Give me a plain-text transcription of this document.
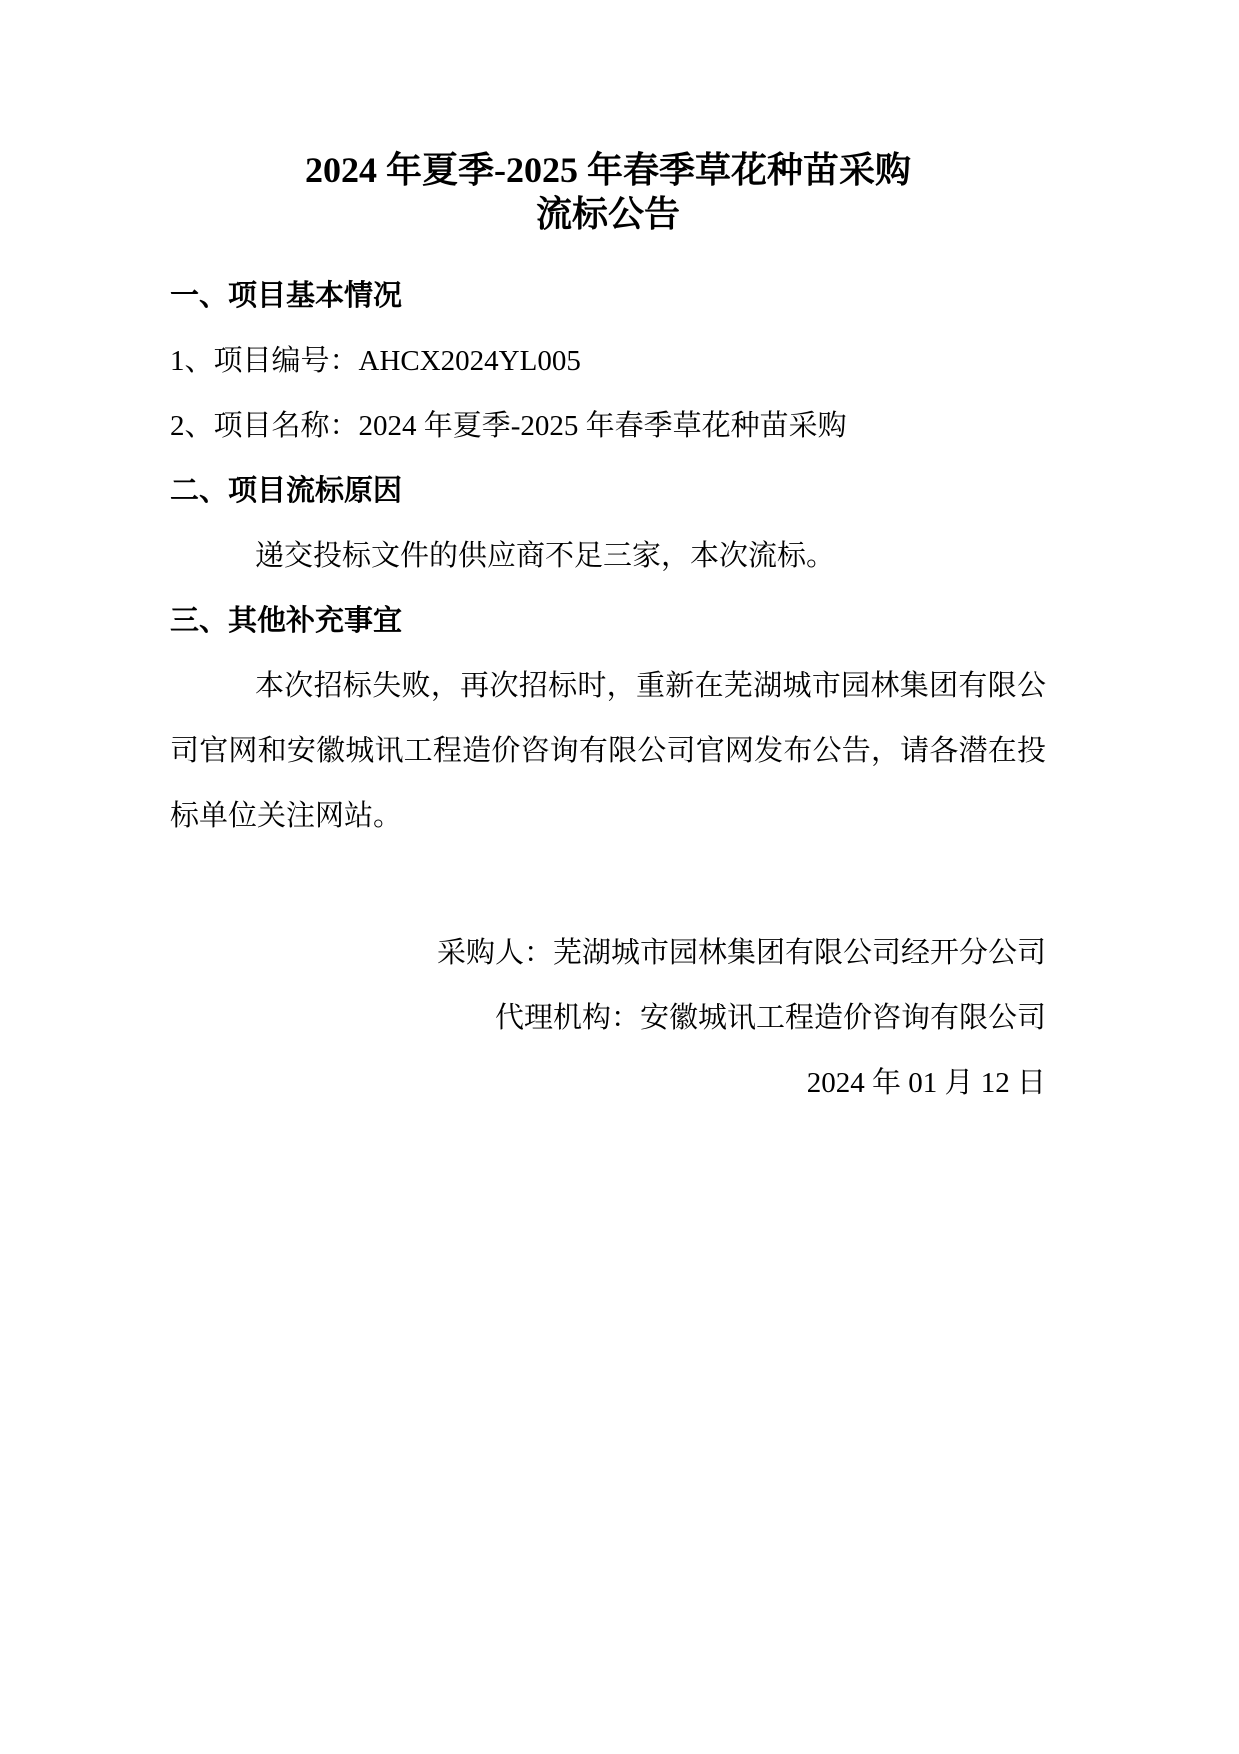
2024 年夏季-2025 年春季草花种苗采购
流标公告
一、项目基本情况

1、项目编号：AHCX2024YL005

2、项目名称：2024 年夏季-2025 年春季草花种苗采购

二、项目流标原因

递交投标文件的供应商不足三家，本次流标。

三、其他补充事宜

本次招标失败，再次招标时，重新在芜湖城市园林集团有限公司官网和安徽城讯工程造价咨询有限公司官网发布公告，请各潜在投标单位关注网站。

采购人：芜湖城市园林集团有限公司经开分公司

代理机构：安徽城讯工程造价咨询有限公司

2024 年 01 月 12 日
